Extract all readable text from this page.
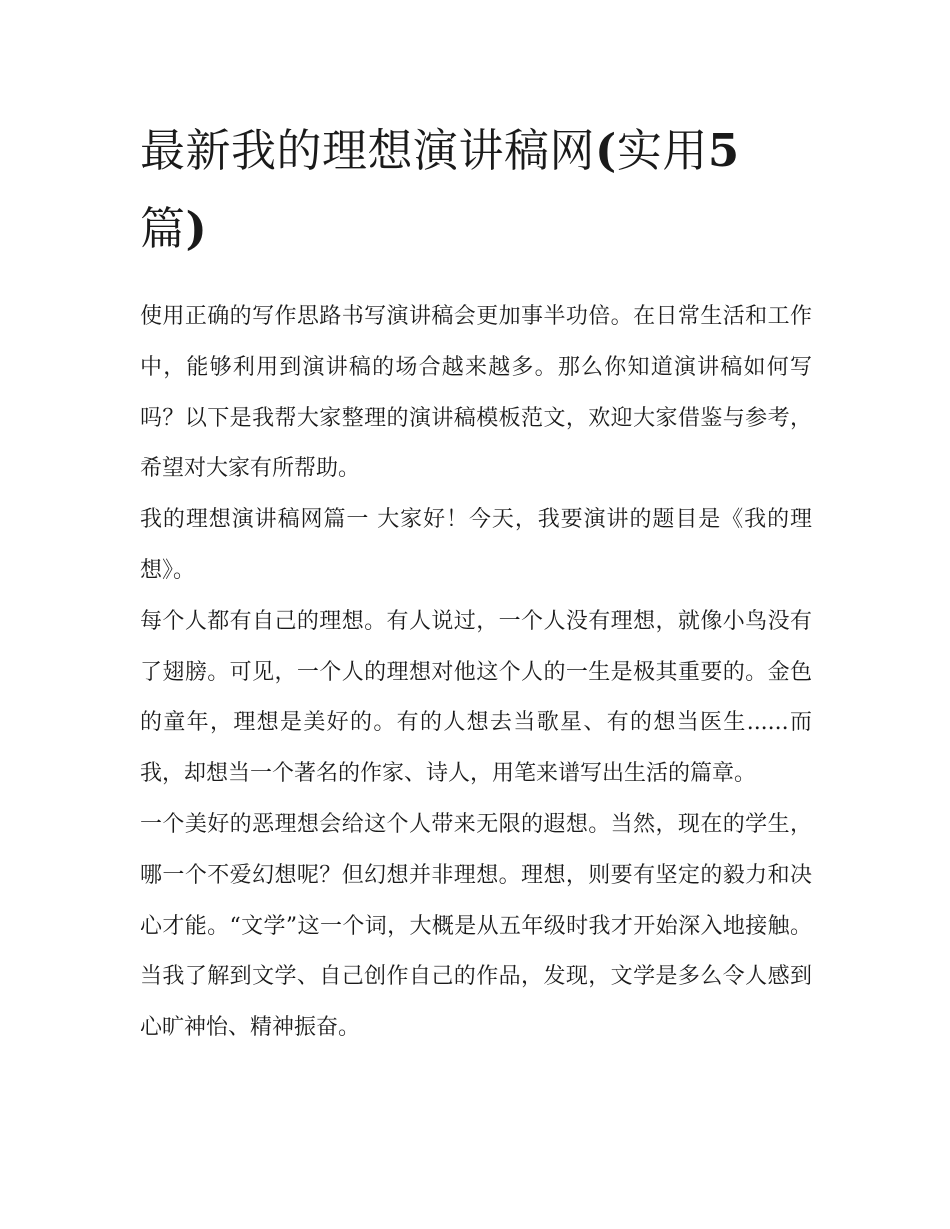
最新我的理想演讲稿网(实用5
篇)

使用正确的写作思路书写演讲稿会更加事半功倍。在日常生活和工作中，能够利用到演讲稿的场合越来越多。那么你知道演讲稿如何写吗？以下是我帮大家整理的演讲稿模板范文，欢迎大家借鉴与参考，希望对大家有所帮助。

我的理想演讲稿网篇一 大家好！今天，我要演讲的题目是《我的理想》。

每个人都有自己的理想。有人说过，一个人没有理想，就像小鸟没有了翅膀。可见，一个人的理想对他这个人的一生是极其重要的。金色的童年，理想是美好的。有的人想去当歌星、有的想当医生......而我，却想当一个著名的作家、诗人，用笔来谱写出生活的篇章。

一个美好的恶理想会给这个人带来无限的遐想。当然，现在的学生，哪一个不爱幻想呢？但幻想并非理想。理想，则要有坚定的毅力和决心才能。“文学”这一个词，大概是从五年级时我才开始深入地接触。当我了解到文学、自己创作自己的作品，发现，文学是多么令人感到心旷神怡、精神振奋。
